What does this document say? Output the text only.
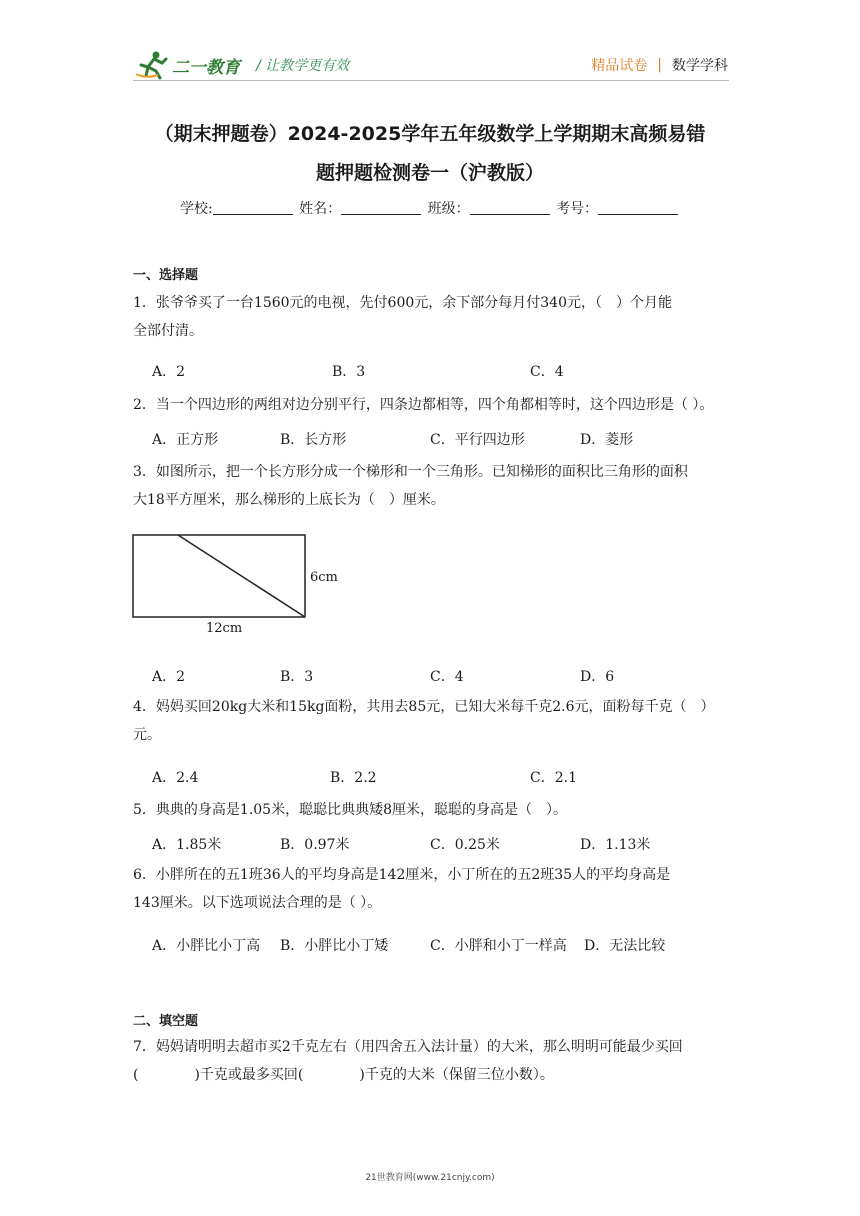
二一教育 / 让教学更有效	精品试卷 | 数学学科
（期末押题卷）2024-2025学年五年级数学上学期期末高频易错
题押题检测卷一（沪教版）
学校:	姓名：	班级：	考号：
一、选择题
1．张爷爷买了一台1560元的电视，先付600元，余下部分每月付340元，（　）个月能
全部付清。
A．2	B．3	C．4
2．当一个四边形的两组对边分别平行，四条边都相等，四个角都相等时，这个四边形是（ ）。
A．正方形	B．长方形	C．平行四边形	D．菱形
3．如图所示，把一个长方形分成一个梯形和一个三角形。已知梯形的面积比三角形的面积
大18平方厘米，那么梯形的上底长为（　）厘米。
6cm
12cm
A．2	B．3	C．4	D．6
4．妈妈买回20kg大米和15kg面粉，共用去85元，已知大米每千克2.6元，面粉每千克（　）
元。
A．2.4	B．2.2	C．2.1
5．典典的身高是1.05米，聪聪比典典矮8厘米，聪聪的身高是（　）。
A．1.85米	B．0.97米	C．0.25米	D．1.13米
6．小胖所在的五1班36人的平均身高是142厘米，小丁所在的五2班35人的平均身高是
143厘米。以下选项说法合理的是（ ）。
A．小胖比小丁高 B．小胖比小丁矮	C．小胖和小丁一样高 D．无法比较
二、填空题
7．妈妈请明明去超市买2千克左右（用四舍五入法计量）的大米，那么明明可能最少买回
(　　　　)千克或最多买回(　　　　)千克的大米（保留三位小数）。
21世教育网(www.21cnjy.com)
